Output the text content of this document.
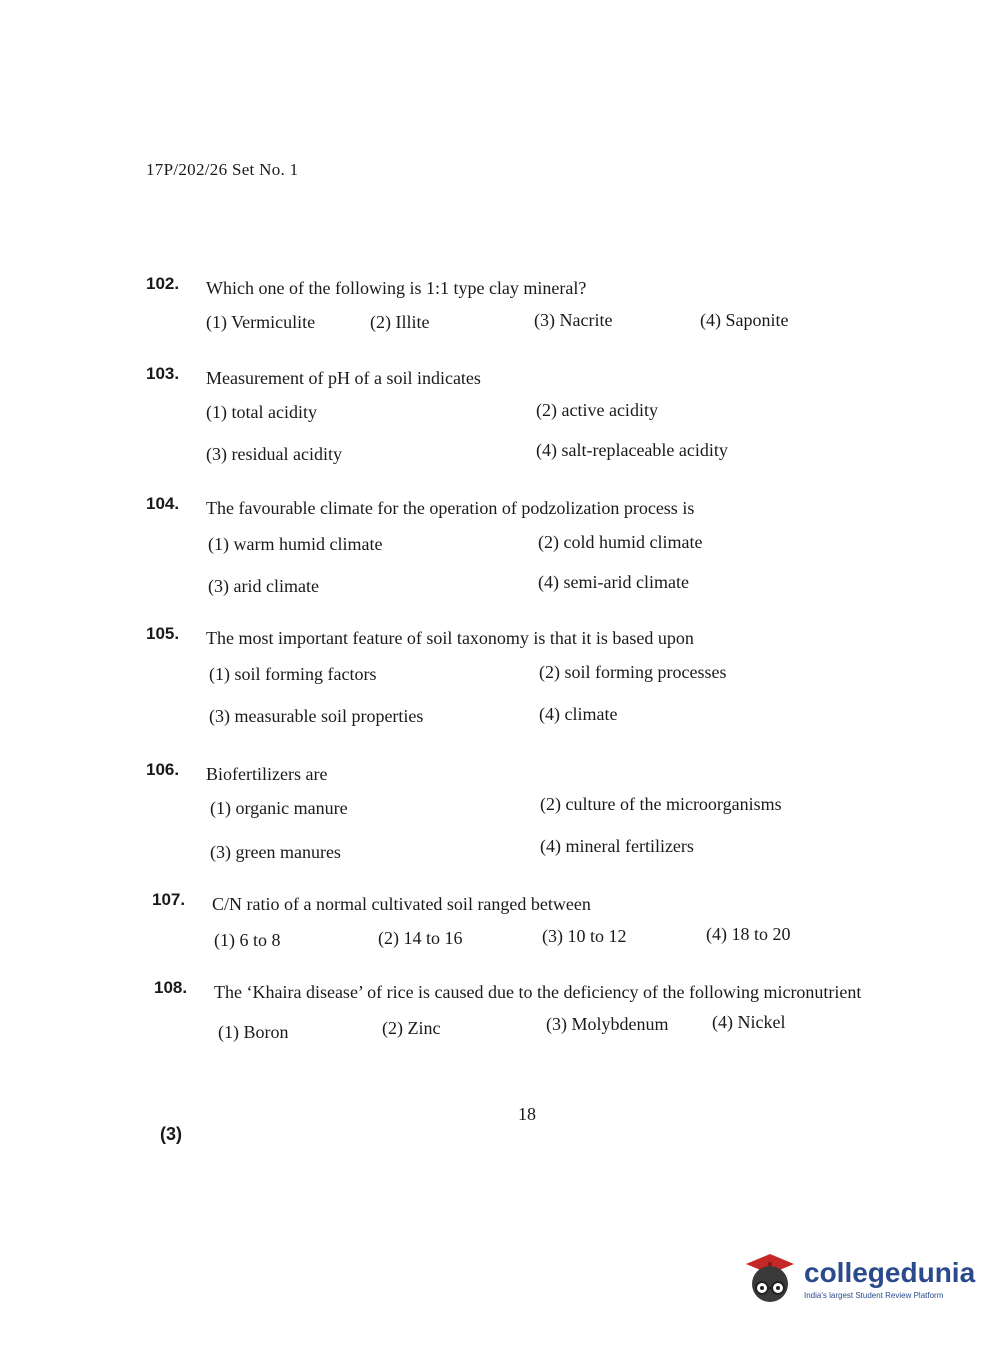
17P/202/26 Set No. 1
102.	Which one of the following is 1:1 type clay mineral?
(1) Vermiculite	(2) Illite	(3) Nacrite	(4) Saponite
103.	Measurement of pH of a soil indicates
(1) total acidity	(2) active acidity
(3) residual acidity	(4) salt-replaceable acidity
104.	The favourable climate for the operation of podzolization process is
(1) warm humid climate	(2) cold humid climate
(3) arid climate	(4) semi-arid climate
105.	The most important feature of soil taxonomy is that it is based upon
(1) soil forming factors	(2) soil forming processes
(3) measurable soil properties	(4) climate
106.	Biofertilizers are
(1) organic manure	(2) culture of the microorganisms
(3) green manures	(4) mineral fertilizers
107.	C/N ratio of a normal cultivated soil ranged between
(1) 6 to 8	(2) 14 to 16	(3) 10 to 12	(4) 18 to 20
108.	The ‘Khaira disease’ of rice is caused due to the deficiency of the following micronutrient
(1) Boron	(2) Zinc	(3) Molybdenum (4) Nickel
18
(3)
collegedunia
India's largest Student Review Platform
